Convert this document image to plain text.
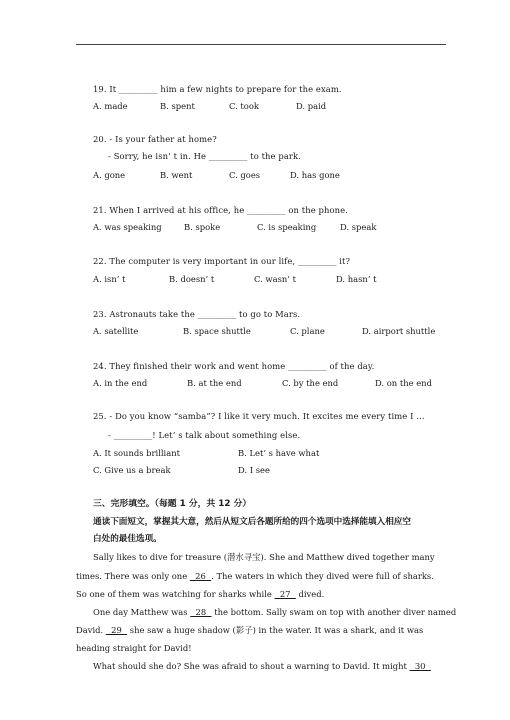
19. It _________ him a few nights to prepare for the exam.
A. made	B. spent	C. took	D. paid
20. - Is your father at home?
- Sorry, he isn’ t in. He _________ to the park.
A. gone	B. went	C. goes	D. has gone
21. When I arrived at his office, he _________ on the phone.
A. was speaking	B. spoke	C. is speaking	D. speak
22. The computer is very important in our life, _________ it?
A. isn’ t	B. doesn’ t	C. wasn’ t	D. hasn’ t
23. Astronauts take the _________ to go to Mars.
A. satellite	B. space shuttle	C. plane	D. airport shuttle
24. They finished their work and went home _________ of the day.
A. in the end	B. at the end	C. by the end	D. on the end
25. - Do you know “samba”? I like it very much. It excites me every time I …
- _________! Let’ s talk about something else.
A. It sounds brilliant	B. Let’ s have what
C. Give us a break	D. I see
三、完形填空。（每题 1 分，共 12 分）
通读下面短文，掌握其大意，然后从短文后各题所给的四个选项中选择能填入相应空
白处的最佳选项。
Sally likes to dive for treasure (潜水寻宝). She and Matthew dived together many
times. There was only one   26  . The waters in which they dived were full of sharks.
So one of them was watching for sharks while   27   dived.
One day Matthew was   28   the bottom. Sally swam on top with another diver named
David.   29   she saw a huge shadow (影子) in the water. It was a shark, and it was
heading straight for David!
What should she do? She was afraid to shout a warning to David. It might   30
